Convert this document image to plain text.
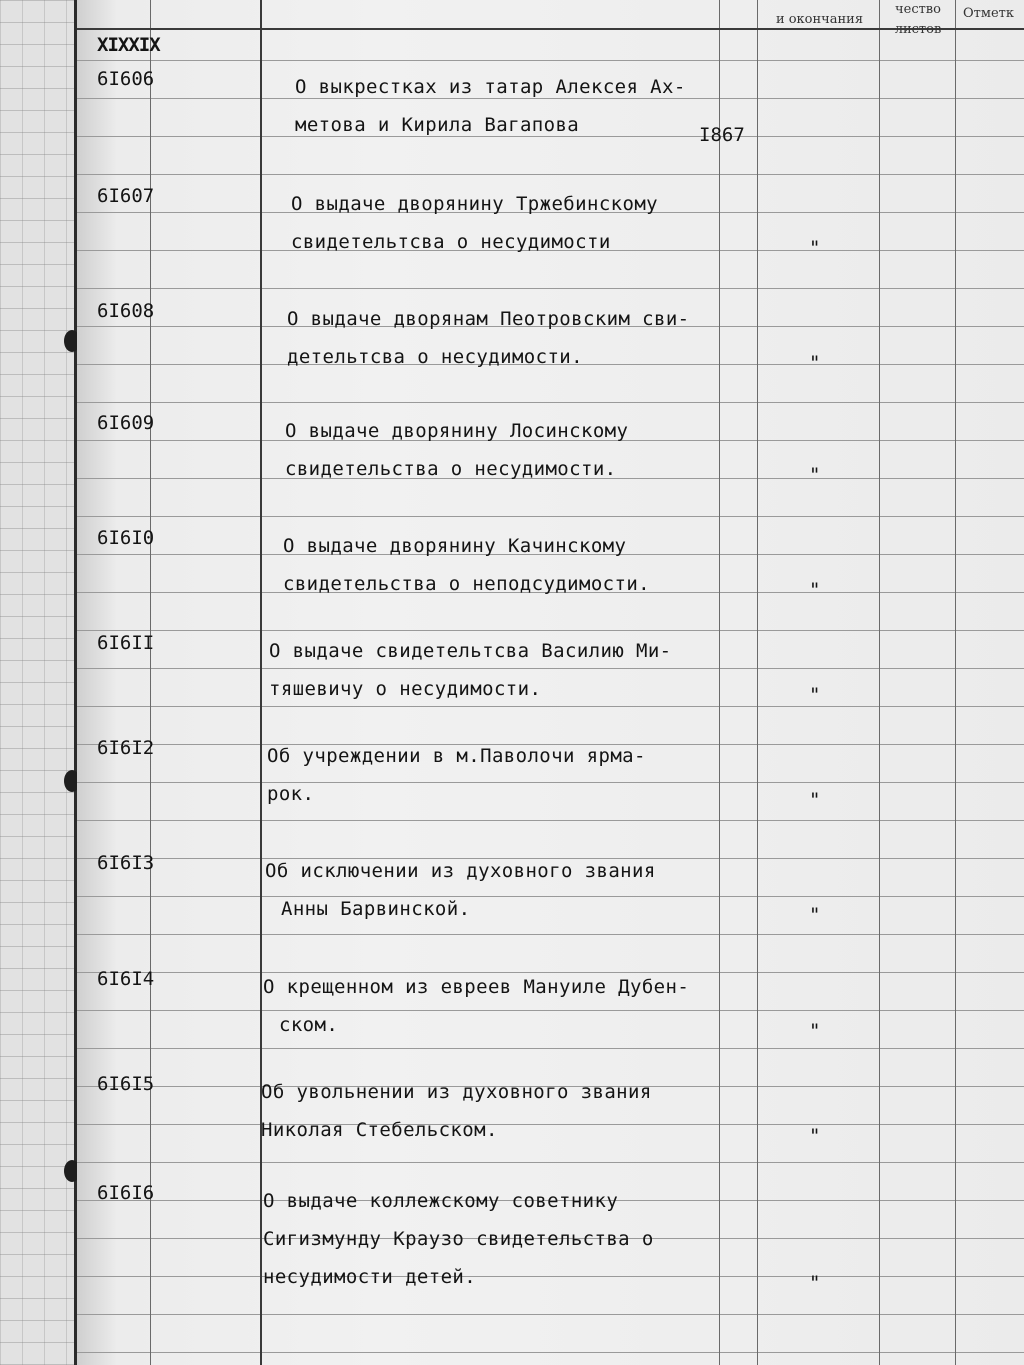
и окончания
чество
листов
Отметк
XIXXIX
6I606	О выкрестках из татар Алексея Ах-
метова и Кирила Вагапова	I867
6I607	О выдаче дворянину Тржебинскому
свидетельтсва о несудимости	"
6I608	О выдаче дворянам Пеотровским сви-
детельтсва о несудимости.	"
6I609	О выдаче дворянину Лосинскому
свидетельства о несудимости.	"
6I6I0	О выдаче дворянину Качинскому
свидетельства о неподсудимости.	"
6I6II	О выдаче свидетельтсва Василию Ми-
тяшевичу о несудимости.	"
6I6I2	Об учреждении в м.Паволочи ярма-
рок.	"
6I6I3	Об исключении из духовного звания
Анны Барвинской.	"
6I6I4	О крещенном из евреев Мануиле Дубен-
ском.	"
6I6I5	Об увольнении из духовного звания
Николая Стебельском.	"
6I6I6	О выдаче коллежскому советнику
Сигизмунду Краузо свидетельства о
несудимости детей.	"
